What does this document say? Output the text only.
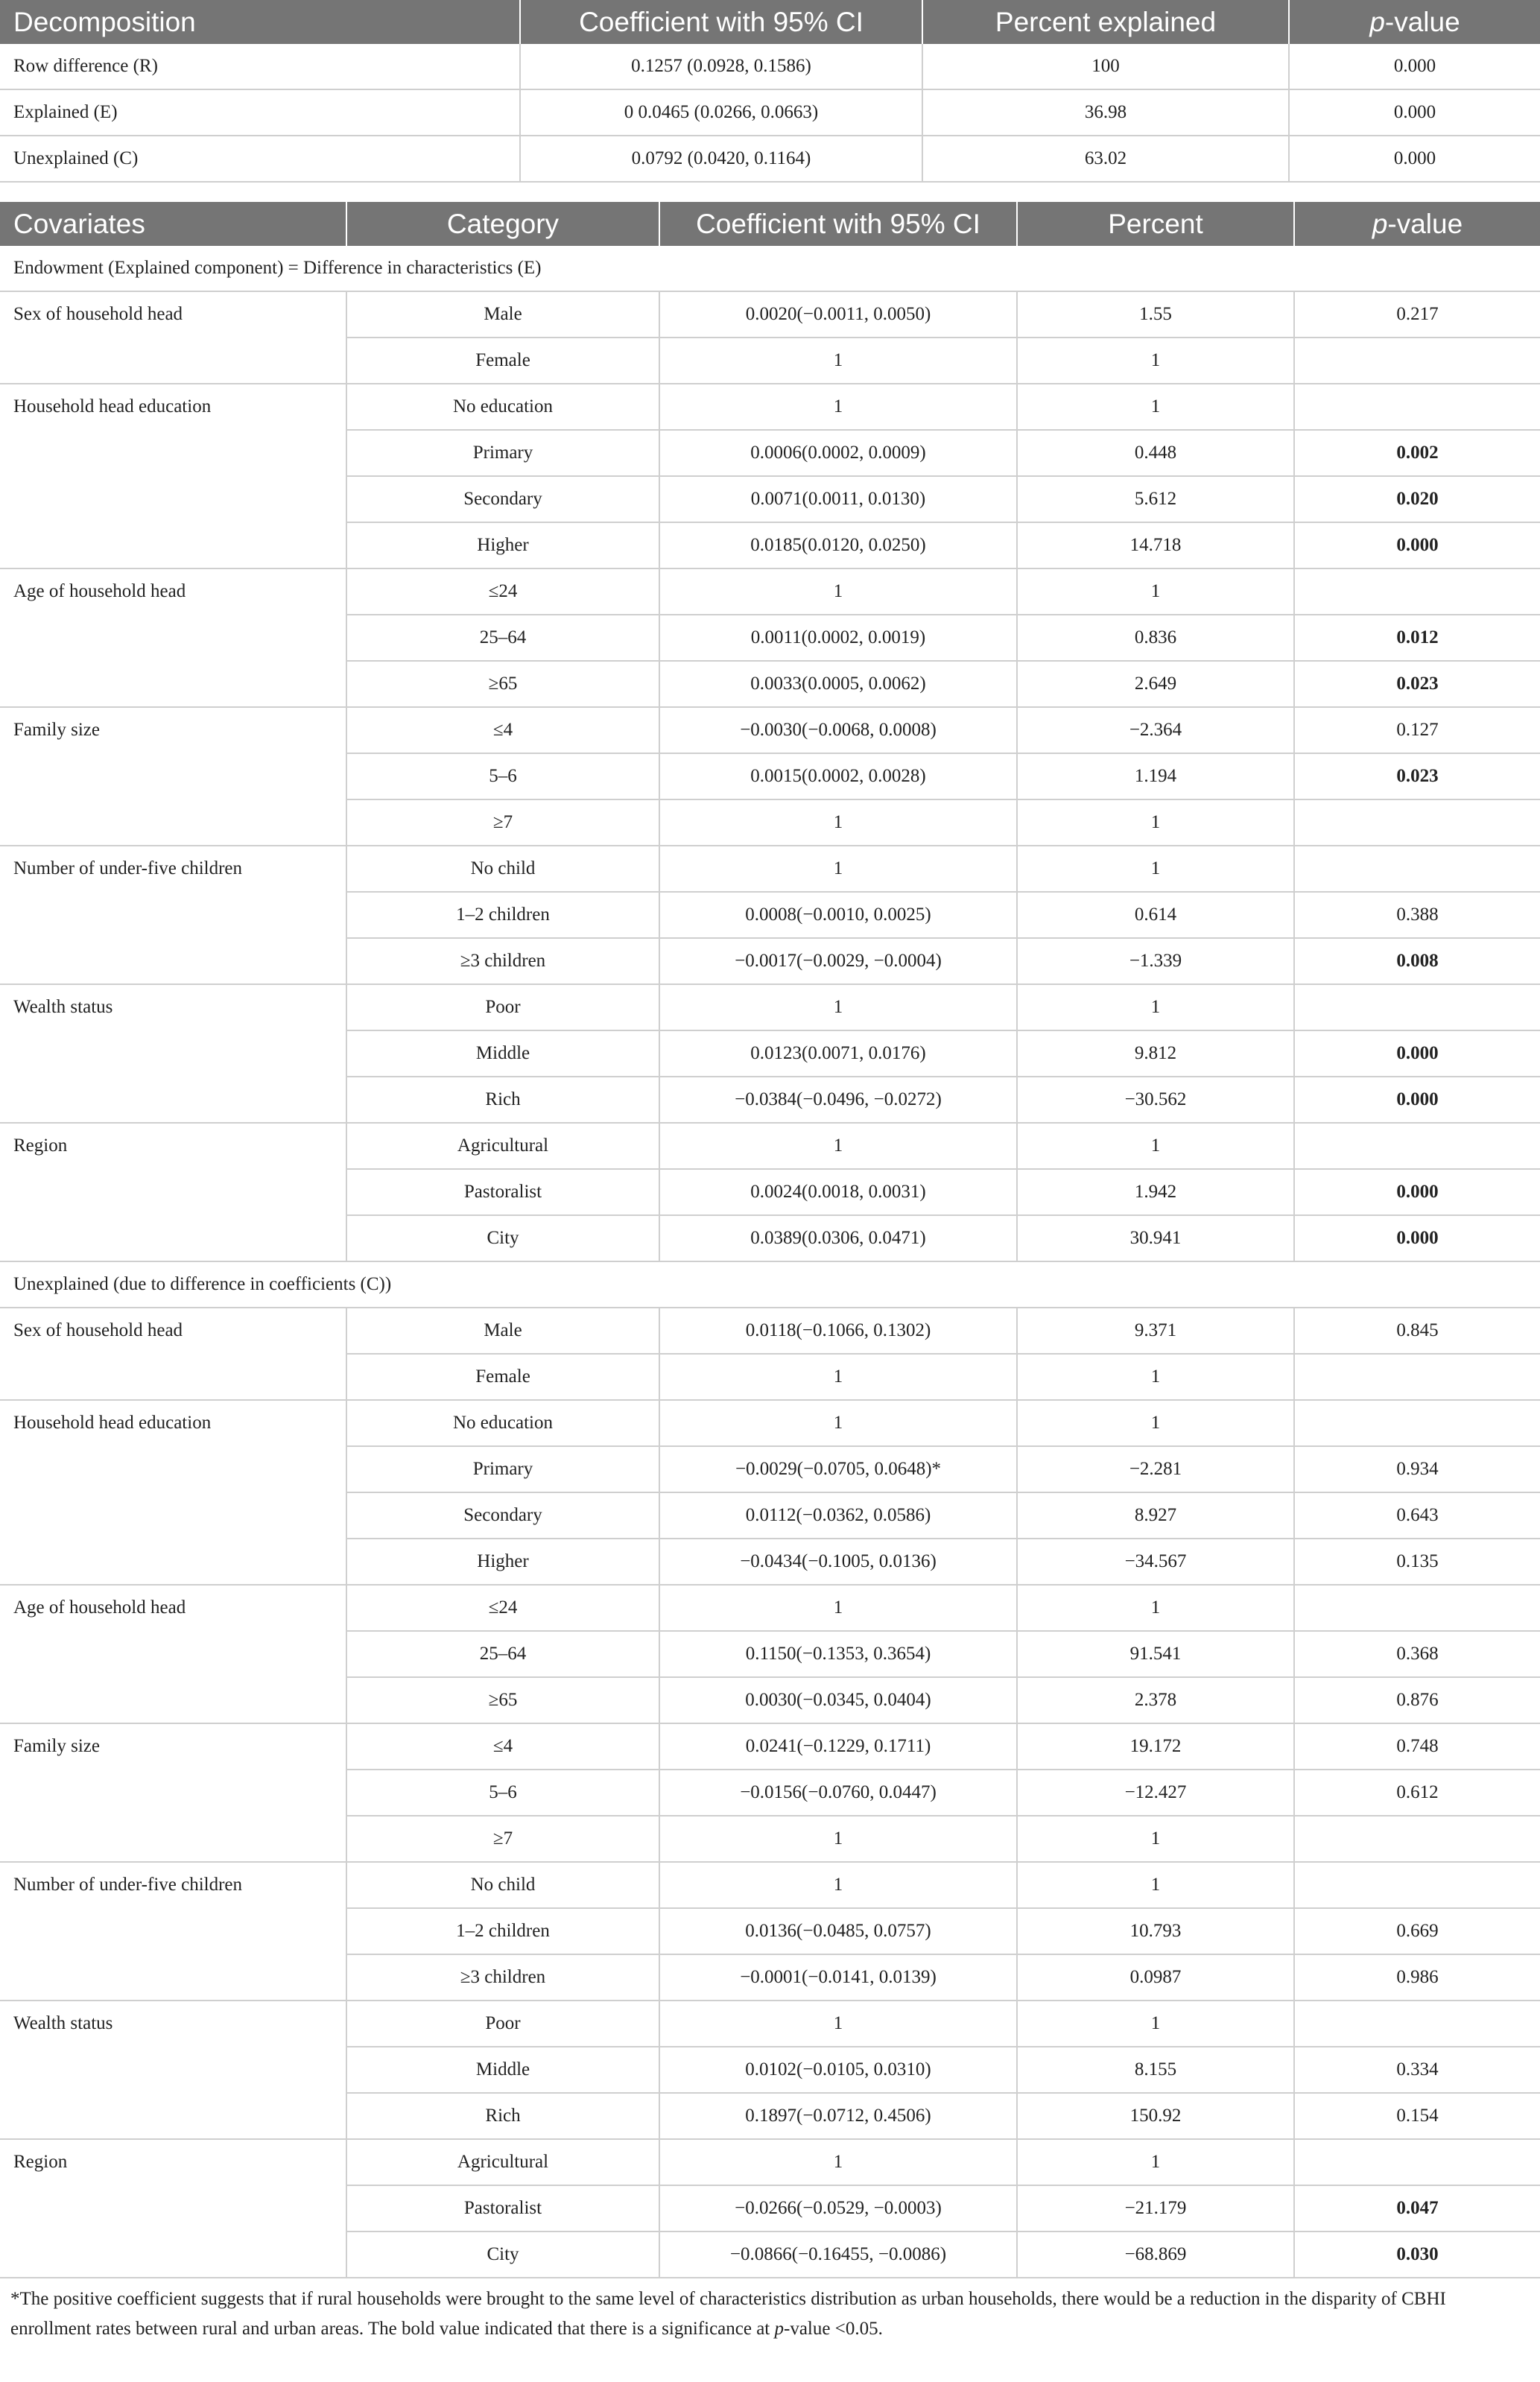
Decomposition	Coefficient with 95% CI	Percent explained	p-value
Row difference (R)	0.1257 (0.0928, 0.1586)	100	0.000
Explained (E)	0 0.0465 (0.0266, 0.0663)	36.98	0.000
Unexplained (C)	0.0792 (0.0420, 0.1164)	63.02	0.000
Covariates	Category	Coefficient with 95% CI	Percent	p-value
Endowment (Explained component) = Difference in characteristics (E)				
Sex of household head	Male	0.0020(−0.0011, 0.0050)	1.55	0.217
	Female	1	1	
Household head education	No education	1	1	
	Primary	0.0006(0.0002, 0.0009)	0.448	0.002
	Secondary	0.0071(0.0011, 0.0130)	5.612	0.020
	Higher	0.0185(0.0120, 0.0250)	14.718	0.000
Age of household head	≤24	1	1	
	25–64	0.0011(0.0002, 0.0019)	0.836	0.012
	≥65	0.0033(0.0005, 0.0062)	2.649	0.023
Family size	≤4	−0.0030(−0.0068, 0.0008)	−2.364	0.127
	5–6	0.0015(0.0002, 0.0028)	1.194	0.023
	≥7	1	1	
Number of under-five children	No child	1	1	
	1–2 children	0.0008(−0.0010, 0.0025)	0.614	0.388
	≥3 children	−0.0017(−0.0029, −0.0004)	−1.339	0.008
Wealth status	Poor	1	1	
	Middle	0.0123(0.0071, 0.0176)	9.812	0.000
	Rich	−0.0384(−0.0496, −0.0272)	−30.562	0.000
Region	Agricultural	1	1	
	Pastoralist	0.0024(0.0018, 0.0031)	1.942	0.000
	City	0.0389(0.0306, 0.0471)	30.941	0.000
Unexplained (due to difference in coefficients (C))				
Sex of household head	Male	0.0118(−0.1066, 0.1302)	9.371	0.845
	Female	1	1	
Household head education	No education	1	1	
	Primary	−0.0029(−0.0705, 0.0648)*	−2.281	0.934
	Secondary	0.0112(−0.0362, 0.0586)	8.927	0.643
	Higher	−0.0434(−0.1005, 0.0136)	−34.567	0.135
Age of household head	≤24	1	1	
	25–64	0.1150(−0.1353, 0.3654)	91.541	0.368
	≥65	0.0030(−0.0345, 0.0404)	2.378	0.876
Family size	≤4	0.0241(−0.1229, 0.1711)	19.172	0.748
	5–6	−0.0156(−0.0760, 0.0447)	−12.427	0.612
	≥7	1	1	
Number of under-five children	No child	1	1	
	1–2 children	0.0136(−0.0485, 0.0757)	10.793	0.669
	≥3 children	−0.0001(−0.0141, 0.0139)	0.0987	0.986
Wealth status	Poor	1	1	
	Middle	0.0102(−0.0105, 0.0310)	8.155	0.334
	Rich	0.1897(−0.0712, 0.4506)	150.92	0.154
Region	Agricultural	1	1	
	Pastoralist	−0.0266(−0.0529, −0.0003)	−21.179	0.047
	City	−0.0866(−0.16455, −0.0086)	−68.869	0.030
*The positive coefficient suggests that if rural households were brought to the same level of characteristics distribution as urban households, there would be a reduction in the disparity of CBHI enrollment rates between rural and urban areas. The bold value indicated that there is a significance at p-value <0.05.
